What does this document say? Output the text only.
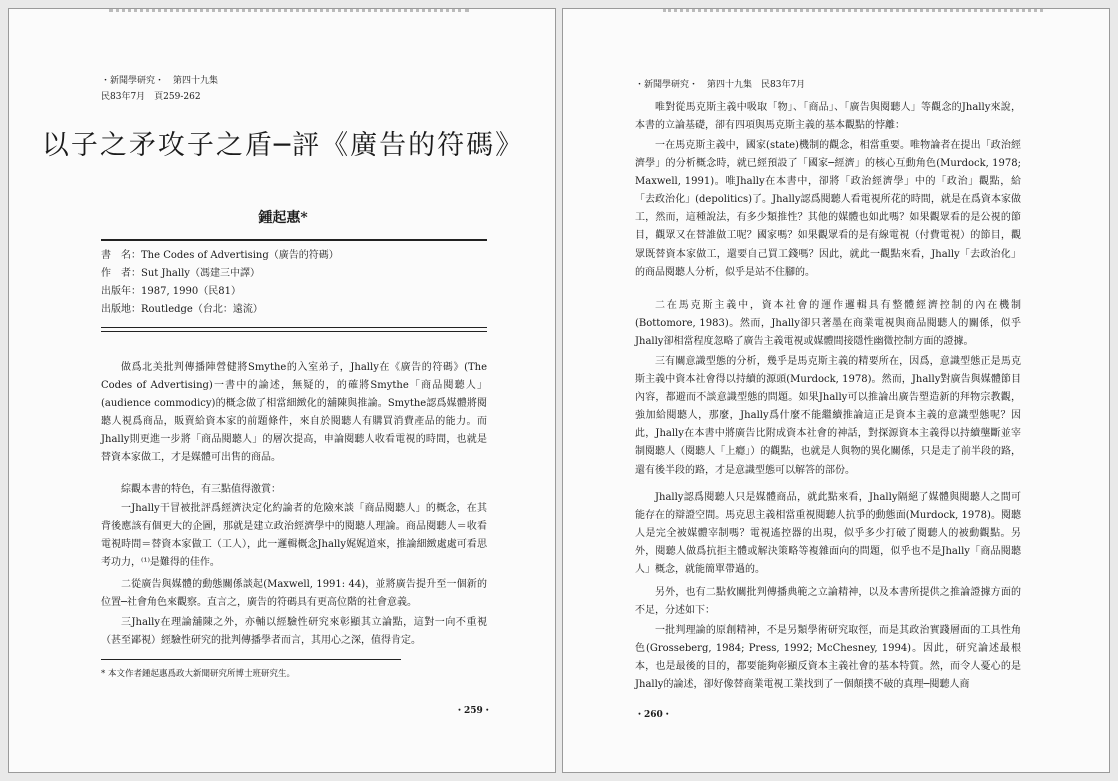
・新聞學研究・　第四十九集
民83年7月　頁259-262
以子之矛攻子之盾─評《廣告的符碼》
鍾起惠*
書　名：The Codes of Advertising（廣告的符碼）
作　者：Sut Jhally（馮建三中譯）
出版年：1987, 1990（民81）
出版地：Routledge（台北：遠流）

做爲北美批判傳播陣營健將Smythe的入室弟子，Jhally在《廣告的符碼》(The Codes of Advertising)一書中的論述，無疑的，的確將Smythe「商品閱聽人」(audience commodicy)的概念做了相當細緻化的舖陳與推論。Smythe認爲媒體將閱聽人視爲商品，販賣給資本家的前題條件，來自於閱聽人有購買消費產品的能力。而Jhally則更進一步將「商品閱聽人」的層次提高，申論閱聽人收看電視的時間，也就是替資本家做工，才是媒體可出售的商品。

綜觀本書的特色，有三點值得激賞：

一Jhally干冒被批評爲經濟決定化約論者的危險來談「商品閱聽人」的概念，在其背後應該有個更大的企圖，那就是建立政治經濟學中的閱聽人理論。商品閱聽人＝收看電視時間＝替資本家做工（工人），此一邏輯概念Jhally娓娓道來，推論細緻處處可看思考功力，⁽¹⁾是難得的佳作。

二從廣告與媒體的動態關係談起(Maxwell, 1991: 44)，並將廣告提升至一個新的位置─社會角色來觀察。直言之，廣告的符碼具有更高位階的社會意義。

三Jhally在理論舖陳之外，亦輔以經驗性研究來彰顯其立論點，這對一向不重視（甚至鄙視）經驗性研究的批判傳播學者而言，其用心之深，值得肯定。

* 本文作者鍾起惠爲政大新聞研究所博士班研究生。
・259・
・新聞學研究・　第四十九集　民83年7月

唯對從馬克斯主義中吸取「物」、「商品」、「廣告與閱聽人」等觀念的Jhally來說，本書的立論基礎，卻有四項與馬克斯主義的基本觀點的悖離：

一在馬克斯主義中，國家(state)機制的觀念，相當重要。唯物論者在提出「政治經濟學」的分析概念時，就已經預設了「國家─經濟」的核心互動角色(Murdock, 1978; Maxwell, 1991)。唯Jhally在本書中，卻將「政治經濟學」中的「政治」觀點，給「去政治化」(depolitics)了。Jhally認爲閱聽人看電視所花的時間，就是在爲資本家做工，然而，這種說法，有多少類推性？其他的媒體也如此嗎？如果觀眾看的是公視的節目，觀眾又在替誰做工呢？國家嗎？如果觀眾看的是有線電視（付費電視）的節目，觀眾既替資本家做工，還要自己買工錢嗎？因此，就此一觀點來看，Jhally「去政治化」的商品閱聽人分析，似乎是站不住腳的。

二在馬克斯主義中，資本社會的運作邏輯具有整體經濟控制的內在機制(Bottomore, 1983)。然而，Jhally卻只著墨在商業電視與商品閱聽人的關係，似乎Jhally卻相當程度忽略了廣告主義電視或媒體間接隱性幽微控制方面的證據。

三有關意識型態的分析，幾乎是馬克斯主義的精要所在，因爲，意識型態正是馬克斯主義中資本社會得以持續的源頭(Murdock, 1978)。然而，Jhally對廣告與媒體節目內容，都避而不談意識型態的問題。如果Jhally可以推論出廣告塑造新的拜物宗教觀，強加給閱聽人，那麼，Jhally爲什麼不能繼續推論這正是資本主義的意識型態呢？因此，Jhally在本書中將廣告比附成資本社會的神話，對探源資本主義得以持續壟斷並宰制閱聽人（閱聽人「上癮」）的觀點，也就是人與物的異化關係，只是走了前半段的路，還有後半段的路，才是意識型態可以解答的部份。

Jhally認爲閱聽人只是媒體商品，就此點來看，Jhally隔絕了媒體與閱聽人之間可能存在的辯證空間。馬克思主義相當重視閱聽人抗爭的動態面(Murdock, 1978)。閱聽人是完全被媒體宰制嗎？電視遙控器的出現，似乎多少打破了閱聽人的被動觀點。另外，閱聽人做爲抗拒主體或解決策略等複雜面向的問題，似乎也不是Jhally「商品閱聽人」概念，就能簡單帶過的。

另外，也有二點攸關批判傳播典範之立論精神，以及本書所提供之推論證據方面的不足，分述如下：

一批判理論的原創精神，不是另類學術研究取徑，而是其政治實踐層面的工具性角色(Grosseberg, 1984; Press, 1992; McChesney, 1994)。因此，研究論述最根本，也是最後的目的，都要能夠彰顯反資本主義社會的基本特質。然，而令人憂心的是Jhally的論述，卻好像替商業電視工業找到了一個顛撲不破的真理─閱聽人商

・260・
